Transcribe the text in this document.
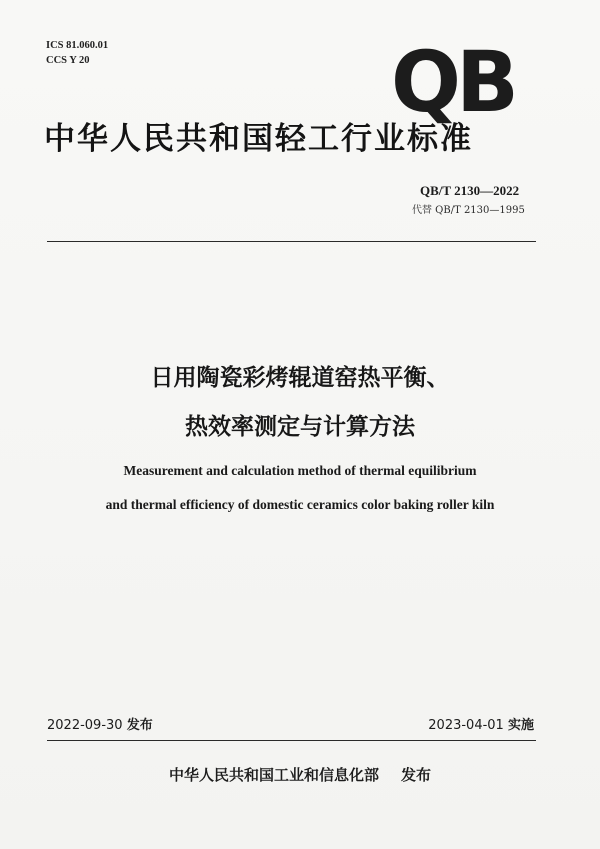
ICS 81.060.01
CCS Y 20	QB
中华人民共和国轻工行业标准
QB/T 2130—2022
代替 QB/T 2130—1995
日用陶瓷彩烤辊道窑热平衡、
热效率测定与计算方法
Measurement and calculation method of thermal equilibrium
and thermal efficiency of domestic ceramics color baking roller kiln
2022-09-30 发布	2023-04-01 实施
中华人民共和国工业和信息化部 发布
